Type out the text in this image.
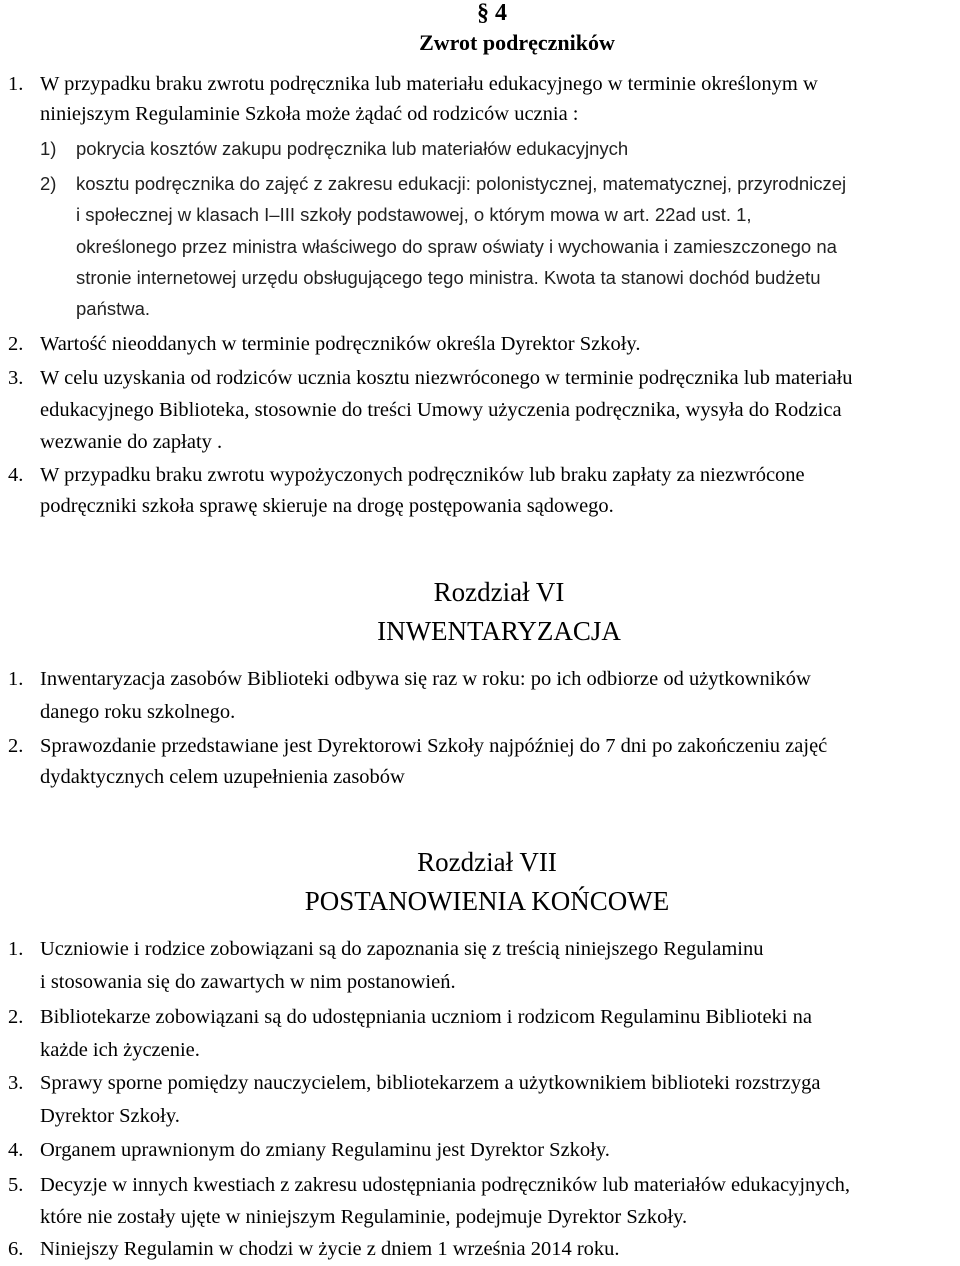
§ 4
Zwrot podręczników
1. W przypadku braku zwrotu podręcznika lub materiału edukacyjnego w terminie określonym w
niniejszym Regulaminie Szkoła może żądać od rodziców ucznia :
1) pokrycia kosztów zakupu podręcznika lub materiałów edukacyjnych
2) kosztu podręcznika do zajęć z zakresu edukacji: polonistycznej, matematycznej, przyrodniczej
i społecznej w klasach I–III szkoły podstawowej, o którym mowa w art. 22ad ust. 1,
określonego przez ministra właściwego do spraw oświaty i wychowania i zamieszczonego na
stronie internetowej urzędu obsługującego tego ministra. Kwota ta stanowi dochód budżetu
państwa.
2. Wartość nieoddanych w terminie podręczników określa Dyrektor Szkoły.
3. W celu uzyskania od rodziców ucznia kosztu niezwróconego w terminie podręcznika lub materiału
edukacyjnego Biblioteka, stosownie do treści Umowy użyczenia podręcznika, wysyła do Rodzica
wezwanie do zapłaty .
4. W przypadku braku zwrotu wypożyczonych podręczników lub braku zapłaty za niezwrócone
podręczniki szkoła sprawę skieruje na drogę postępowania sądowego.
Rozdział VI
INWENTARYZACJA
1. Inwentaryzacja zasobów Biblioteki odbywa się raz w roku: po ich odbiorze od użytkowników
danego roku szkolnego.
2. Sprawozdanie przedstawiane jest Dyrektorowi Szkoły najpóźniej do 7 dni po zakończeniu zajęć
dydaktycznych celem uzupełnienia zasobów
Rozdział VII
POSTANOWIENIA KOŃCOWE
1. Uczniowie i rodzice zobowiązani są do zapoznania się z treścią niniejszego Regulaminu
i stosowania się do zawartych w nim postanowień.
2. Bibliotekarze zobowiązani są do udostępniania uczniom i rodzicom Regulaminu Biblioteki na
każde ich życzenie.
3. Sprawy sporne pomiędzy nauczycielem, bibliotekarzem a użytkownikiem biblioteki rozstrzyga
Dyrektor Szkoły.
4. Organem uprawnionym do zmiany Regulaminu jest Dyrektor Szkoły.
5. Decyzje w innych kwestiach z zakresu udostępniania podręczników lub materiałów edukacyjnych,
które nie zostały ujęte w niniejszym Regulaminie, podejmuje Dyrektor Szkoły.
6. Niniejszy Regulamin w chodzi w życie z dniem 1 września 2014 roku.
